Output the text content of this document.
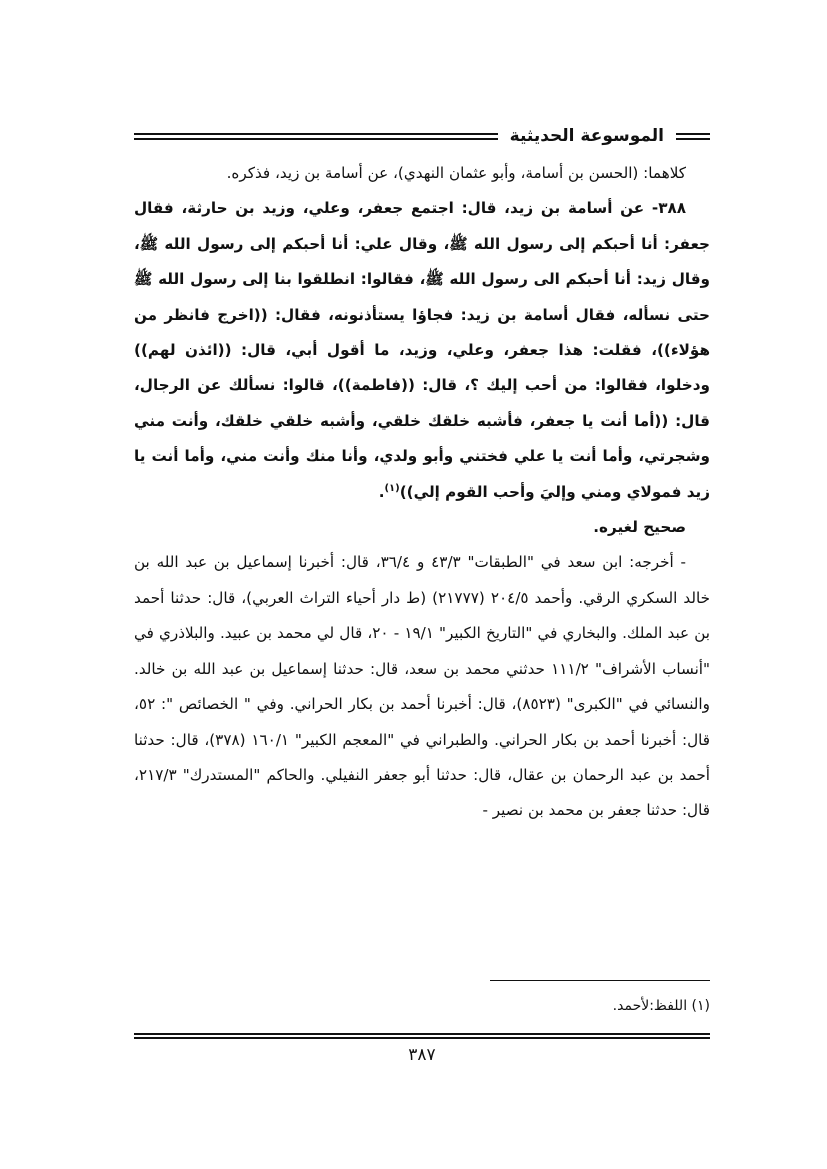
الموسوعة الحديثية

كلاهما: (الحسن بن أسامة، وأبو عثمان النهدي)، عن أسامة بن زيد، فذكره.

٣٨٨- عن أسامة بن زيد، قال: اجتمع جعفر، وعلي، وزيد بن حارثة، فقال جعفر: أنا أحبكم إلى رسول الله ﷺ، وقال علي: أنا أحبكم إلى رسول الله ﷺ، وقال زيد: أنا أحبكم الى رسول الله ﷺ، فقالوا: انطلقوا بنا إلى رسول الله ﷺ حتى نسأله، فقال أسامة بن زيد: فجاؤا يستأذنونه، فقال: ((اخرج فانظر من هؤلاء))، فقلت: هذا جعفر، وعلي، وزيد، ما أقول أبي، قال: ((ائذن لهم)) ودخلوا، فقالوا: من أحب إليك ؟، قال: ((فاطمة))، قالوا: نسألك عن الرجال، قال: ((أما أنت يا جعفر، فأشبه خلقك خلقي، وأشبه خلقي خلقك، وأنت مني وشجرتي، وأما أنت يا علي فختني وأبو ولدي، وأنا منك وأنت مني، وأما أنت يا زيد فمولاي ومني وإليَ وأحب القوم إلي))$^{(١)}$.

صحيح لغيره.

- أخرجه: ابن سعد في "الطبقات" ٤٣/٣ و ٣٦/٤، قال: أخبرنا إسماعيل بن عبد الله بن خالد السكري الرقي. وأحمد ٢٠٤/٥ (٢١٧٧٧) (ط دار أحياء التراث العربي)، قال: حدثنا أحمد بن عبد الملك. والبخاري في "التاريخ الكبير" ١٩/١ - ٢٠، قال لي محمد بن عبيد. والبلاذري في "أنساب الأشراف" ١١١/٢ حدثني محمد بن سعد، قال: حدثنا إسماعيل بن عبد الله بن خالد. والنسائي في "الكبرى" (٨٥٢٣)، قال: أخبرنا أحمد بن بكار الحراني. وفي " الخصائص ": ٥٢، قال: أخبرنا أحمد بن بكار الحراني. والطبراني في "المعجم الكبير" ١٦٠/١ (٣٧٨)، قال: حدثنا أحمد بن عبد الرحمان بن عقال، قال: حدثنا أبو جعفر النفيلي. والحاكم "المستدرك" ٢١٧/٣، قال: حدثنا جعفر بن محمد بن نصير -

(١) اللفظ:لأحمد.
٣٨٧
